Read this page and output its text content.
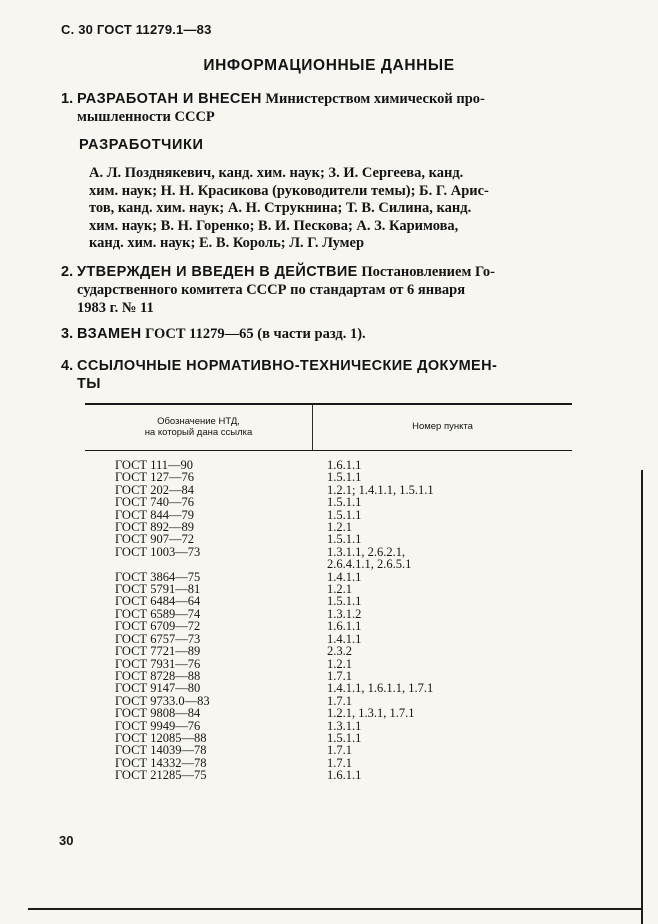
С. 30 ГОСТ 11279.1—83
ИНФОРМАЦИОННЫЕ ДАННЫЕ
1. РАЗРАБОТАН И ВНЕСЕН Министерством химической про-
мышленности СССР
РАЗРАБОТЧИКИ
А. Л. Позднякевич, канд. хим. наук; З. И. Сергеева, канд.
хим. наук; Н. Н. Красикова (руководители темы); Б. Г. Арис-
тов, канд. хим. наук; А. Н. Струкнина; Т. В. Силина, канд.
хим. наук; В. Н. Горенко; В. И. Пескова; А. З. Каримова,
канд. хим. наук; Е. В. Король; Л. Г. Лумер
2. УТВЕРЖДЕН И ВВЕДЕН В ДЕЙСТВИЕ Постановлением Го-
сударственного комитета СССР по стандартам от 6 января
1983 г. № 11
3. ВЗАМЕН ГОСТ 11279—65 (в части разд. 1).
4. ССЫЛОЧНЫЕ НОРМАТИВНО-ТЕХНИЧЕСКИЕ ДОКУМЕН-
ТЫ
Обозначение НТД,
на который дана ссылка	Номер пункта
ГОСТ 111—90	1.6.1.1
ГОСТ 127—76	1.5.1.1
ГОСТ 202—84	1.2.1; 1.4.1.1, 1.5.1.1
ГОСТ 740—76	1.5.1.1
ГОСТ 844—79	1.5.1.1
ГОСТ 892—89	1.2.1
ГОСТ 907—72	1.5.1.1
ГОСТ 1003—73	1.3.1.1, 2.6.2.1,
2.6.4.1.1, 2.6.5.1
ГОСТ 3864—75	1.4.1.1
ГОСТ 5791—81	1.2.1
ГОСТ 6484—64	1.5.1.1
ГОСТ 6589—74	1.3.1.2
ГОСТ 6709—72	1.6.1.1
ГОСТ 6757—73	1.4.1.1
ГОСТ 7721—89	2.3.2
ГОСТ 7931—76	1.2.1
ГОСТ 8728—88	1.7.1
ГОСТ 9147—80	1.4.1.1, 1.6.1.1, 1.7.1
ГОСТ 9733.0—83	1.7.1
ГОСТ 9808—84	1.2.1, 1.3.1, 1.7.1
ГОСТ 9949—76	1.3.1.1
ГОСТ 12085—88	1.5.1.1
ГОСТ 14039—78	1.7.1
ГОСТ 14332—78	1.7.1
ГОСТ 21285—75	1.6.1.1
30
